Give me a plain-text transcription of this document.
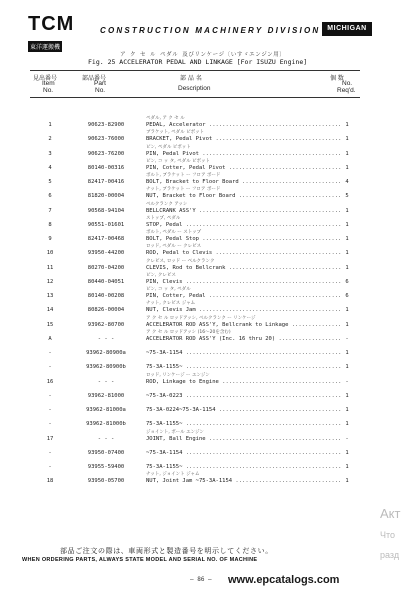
TCM
東洋運搬機
CONSTRUCTION MACHINERY DIVISION MICHIGAN
ア ク セ ル ペダル 及びリンケージ〔いすゞエンジン用〕
Fig. 25 ACCELERATOR PEDAL AND LINKAGE [For ISUZU Engine]
見出番号
Item
No.
部品番号
Part
No.
部 品 名
Description
個 数
No.
Req'd.
1	90623-82900
ペダル, ア ク セ ル
PEDAL, Accelerator .....	1
2	90623-76000
ブラケット, ペダル ピボット
BRACKET, Pedal Pivot .....	1
3	90623-76200
ピン, ペダル ピボット
PIN, Pedal Pivot .....	1
4	80140-00316
ピン, コ ッ タ, ペダル ピボット
PIN, Cotter, Pedal Pivot .....	1
5	82417-00416
ボルト, ブラケット ー フロア ボード
BOLT, Bracket to Floor Board .....	4
6	81820-00004
ナット, ブラケット ー フロア ボード
NUT, Bracket to Floor Board .....	5
7	90568-94104
ベルクランク アッシ
BELLCRANK ASS'Y .....	1
8	90551-01601
ストップ, ペダル
STOP, Pedal .....	1
9	82417-00468
ボルト, ペダル ー ストップ
BOLT, Pedal Stop .....	1
10	93950-44200
ロッド, ペダル ー クレビス
ROD, Pedal to Clevis .....	1
11	80270-04200
クレビス, ロッド ー ベルクランク
CLEVIS, Rod to Bellcrank .....	1
12	80440-04051
ピン, クレビス
PIN, Clevis .....	6
13	80140-00208
ピン, コ ッ タ, ペダル
PIN, Cotter, Pedal .....	6
14	80826-00004
ナット, クレビス ジャム
NUT, Clevis Jam .....	1
15	93962-80700
ア ク セ ル ロッドアッシ, ベルクランク ー リンケージ
ACCELERATOR ROD ASS'Y, Bellcrank to Linkage .....	1
A	- - -
ア ク セ ル ロッドアッシ (16〜20を含む)
ACCELERATOR ROD ASS'Y (Inc. 16 thru 20) .....	-
-	93962-80900a	~75-3A-1154 .....	1
-	93962-80900b	75-3A-1155~ .....	1
16	- - -
ロッド, リンケージ ー エンジン
ROD, Linkage to Engine .....	-
-	93962-81000	~75-3A-0223 .....	1
-	93962-81000a	75-3A-0224~75-3A-1154 .....	1
-	93962-81000b	75-3A-1155~ .....	1
17	- - -
ジョイント, ボール エンジン
JOINT, Ball Engine .....	-
-	93950-07400	~75-3A-1154 .....	1
-	93955-59400	75-3A-1155~ .....	1
18	93950-05700
ナット, ジョイント ジャム
NUT, Joint Jam ~75-3A-1154 .....	1
部品ご注文の際は、車両形式と製造番号を明示してください。
WHEN ORDERING PARTS, ALWAYS STATE MODEL AND SERIAL NO. OF MACHINE
— 86 — www.epcatalogs.com
Акт
Что
разд
